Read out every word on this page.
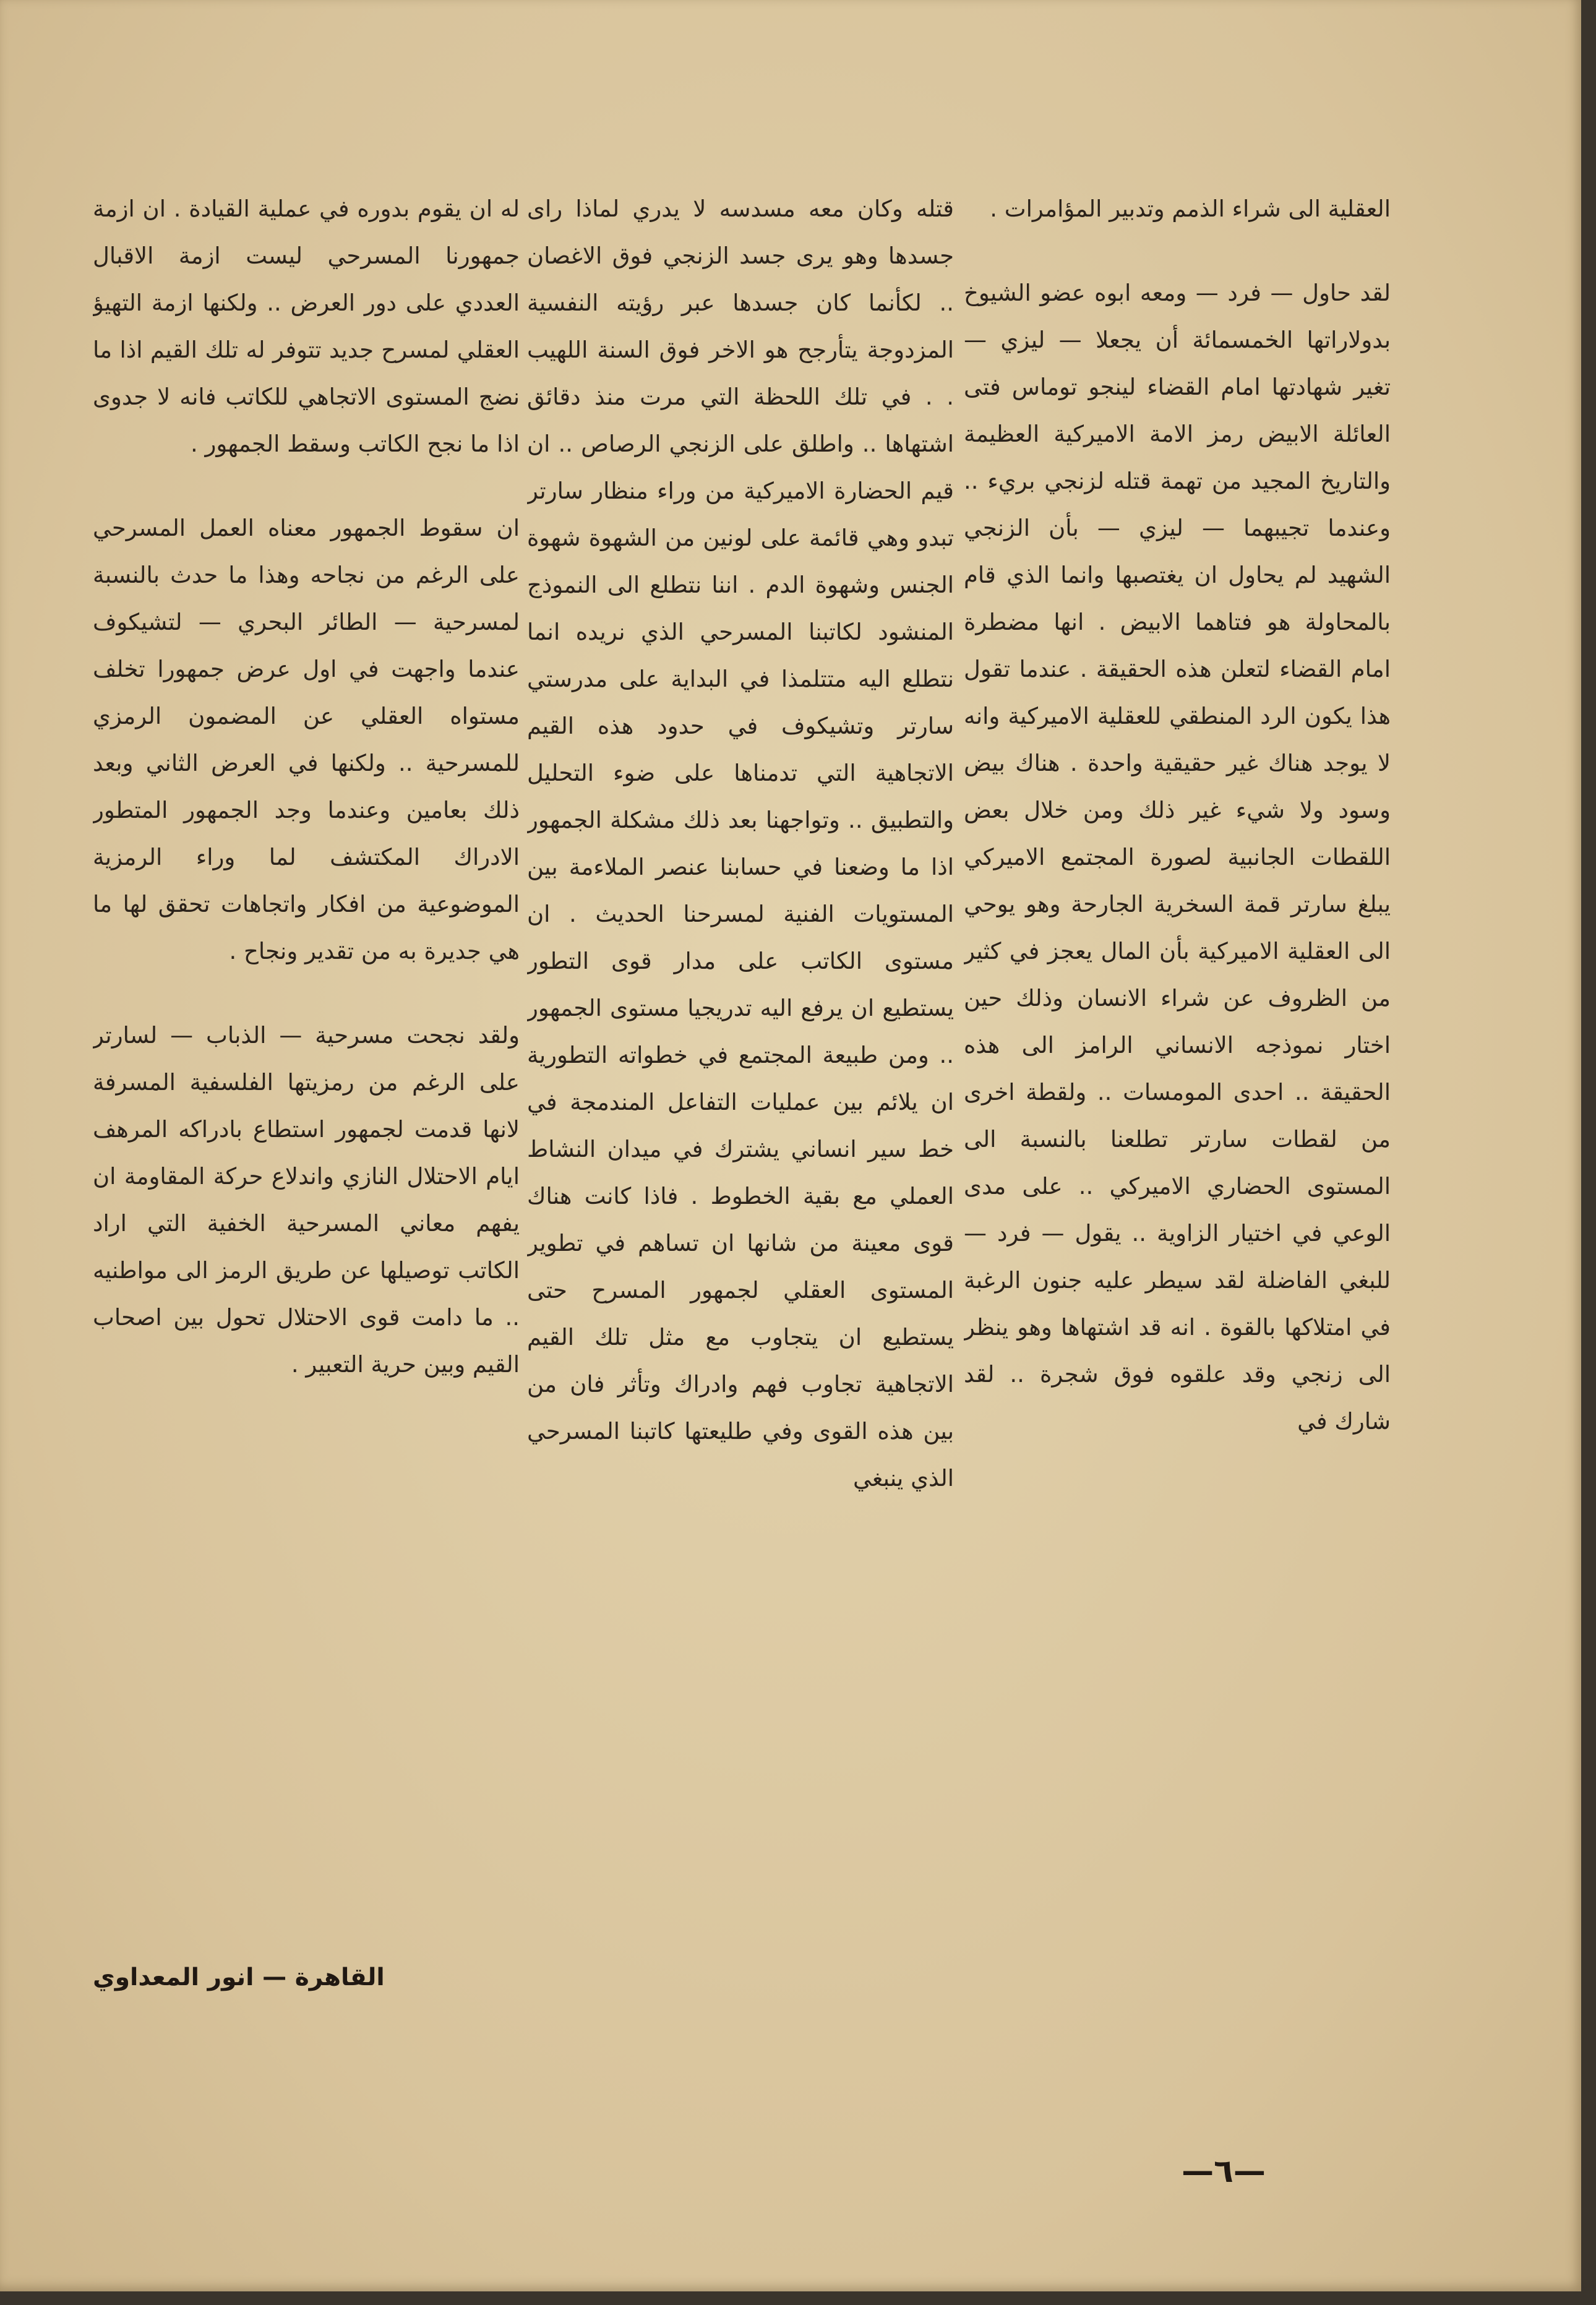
العقلية الى شراء الذمم وتدبير المؤامرات .

لقد حاول — فرد — ومعه ابوه عضو الشيوخ بدولاراتها الخمسمائة أن يجعلا — ليزي — تغير شهادتها امام القضاء لينجو توماس فتى العائلة الابيض رمز الامة الاميركية العظيمة والتاريخ المجيد من تهمة قتله لزنجي بريء .. وعندما تجيبهما — ليزي — بأن الزنجي الشهيد لم يحاول ان يغتصبها وانما الذي قام بالمحاولة هو فتاهما الابيض . انها مضطرة امام القضاء لتعلن هذه الحقيقة . عندما تقول هذا يكون الرد المنطقي للعقلية الاميركية وانه لا يوجد هناك غير حقيقية واحدة . هناك بيض وسود ولا شيء غير ذلك ومن خلال بعض اللقطات الجانبية لصورة المجتمع الاميركي يبلغ سارتر قمة السخرية الجارحة وهو يوحي الى العقلية الاميركية بأن المال يعجز في كثير من الظروف عن شراء الانسان وذلك حين اختار نموذجه الانساني الرامز الى هذه الحقيقة .. احدى المومسات .. ولقطة اخرى من لقطات سارتر تطلعنا بالنسبة الى المستوى الحضاري الاميركي .. على مدى الوعي في اختيار الزاوية .. يقول — فرد — للبغي الفاضلة لقد سيطر عليه جنون الرغبة في امتلاكها بالقوة . انه قد اشتهاها وهو ينظر الى زنجي وقد علقوه فوق شجرة .. لقد شارك في

قتله وكان معه مسدسه لا يدري لماذا راى جسدها وهو يرى جسد الزنجي فوق الاغصان .. لكأنما كان جسدها عبر رؤيته النفسية المزدوجة يتأرجح هو الاخر فوق السنة اللهيب . . في تلك اللحظة التي مرت منذ دقائق اشتهاها .. واطلق على الزنجي الرصاص .. ان قيم الحضارة الاميركية من وراء منظار سارتر تبدو وهي قائمة على لونين من الشهوة شهوة الجنس وشهوة الدم . اننا نتطلع الى النموذج المنشود لكاتبنا المسرحي الذي نريده انما نتطلع اليه متتلمذا في البداية على مدرستي سارتر وتشيكوف في حدود هذه القيم الاتجاهية التي تدمناها على ضوء التحليل والتطبيق .. وتواجهنا بعد ذلك مشكلة الجمهور اذا ما وضعنا في حسابنا عنصر الملاءمة بين المستويات الفنية لمسرحنا الحديث . ان مستوى الكاتب على مدار قوى التطور يستطيع ان يرفع اليه تدريجيا مستوى الجمهور .. ومن طبيعة المجتمع في خطواته التطورية ان يلائم بين عمليات التفاعل المندمجة في خط سير انساني يشترك في ميدان النشاط العملي مع بقية الخطوط . فاذا كانت هناك قوى معينة من شانها ان تساهم في تطوير المستوى العقلي لجمهور المسرح حتى يستطيع ان يتجاوب مع مثل تلك القيم الاتجاهية تجاوب فهم وادراك وتأثر فان من بين هذه القوى وفي طليعتها كاتبنا المسرحي الذي ينبغي

له ان يقوم بدوره في عملية القيادة . ان ازمة جمهورنا المسرحي ليست ازمة الاقبال العددي على دور العرض .. ولكنها ازمة التهيؤ العقلي لمسرح جديد تتوفر له تلك القيم اذا ما نضج المستوى الاتجاهي للكاتب فانه لا جدوى اذا ما نجح الكاتب وسقط الجمهور .

ان سقوط الجمهور معناه العمل المسرحي على الرغم من نجاحه وهذا ما حدث بالنسبة لمسرحية — الطائر البحري — لتشيكوف عندما واجهت في اول عرض جمهورا تخلف مستواه العقلي عن المضمون الرمزي للمسرحية .. ولكنها في العرض الثاني وبعد ذلك بعامين وعندما وجد الجمهور المتطور الادراك المكتشف لما وراء الرمزية الموضوعية من افكار واتجاهات تحقق لها ما هي جديرة به من تقدير ونجاح .

ولقد نجحت مسرحية — الذباب — لسارتر على الرغم من رمزيتها الفلسفية المسرفة لانها قدمت لجمهور استطاع بادراكه المرهف ايام الاحتلال النازي واندلاع حركة المقاومة ان يفهم معاني المسرحية الخفية التي اراد الكاتب توصيلها عن طريق الرمز الى مواطنيه .. ما دامت قوى الاحتلال تحول بين اصحاب القيم وبين حرية التعبير .

القاهرة — انور المعداوي
—٦—
